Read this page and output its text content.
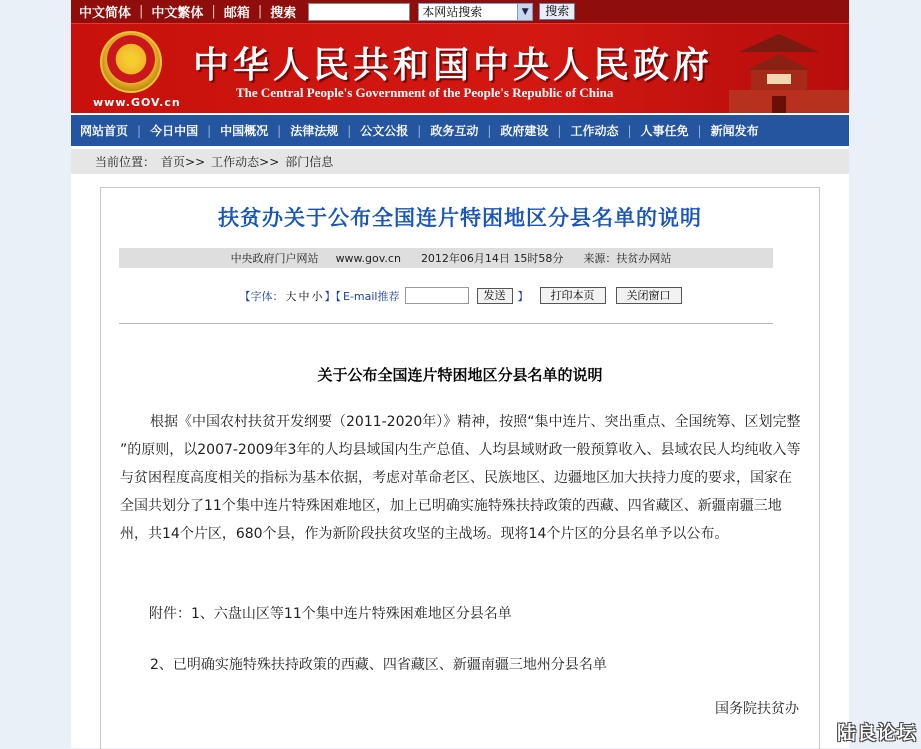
中文简体 | 中文繁体 | 邮箱 | 搜索	本网站搜索	▼	搜索
★
www.GOV.cn
中华人民共和国中央人民政府
The Central People's Government of the People's Republic of China
网站首页 | 今日中国 | 中国概况 | 法律法规 | 公文公报 | 政务互动 | 政府建设 | 工作动态 | 人事任免 | 新闻发布
当前位置： 首页>> 工作动态>> 部门信息
扶贫办关于公布全国连片特困地区分县名单的说明
中央政府门户网站 www.gov.cn 2012年06月14日 15时58分 来源：扶贫办网站
【字体： 大 中 小 】【 E-mail推荐	发送	】	打印本页	关闭窗口
关于公布全国连片特困地区分县名单的说明
根据《中国农村扶贫开发纲要（2011-2020年）》精神，按照“集中连片、突出重点、全国统筹、区划完整 ”的原则，以2007-2009年3年的人均县域国内生产总值、人均县域财政一般预算收入、县域农民人均纯收入等与贫困程度高度相关的指标为基本依据，考虑对革命老区、民族地区、边疆地区加大扶持力度的要求，国家在全国共划分了11个集中连片特殊困难地区，加上已明确实施特殊扶持政策的西藏、四省藏区、新疆南疆三地州，共14个片区，680个县，作为新阶段扶贫攻坚的主战场。现将14个片区的分县名单予以公布。
附件：1、六盘山区等11个集中连片特殊困难地区分县名单
2、已明确实施特殊扶持政策的西藏、四省藏区、新疆南疆三地州分县名单
国务院扶贫办
陆良论坛
